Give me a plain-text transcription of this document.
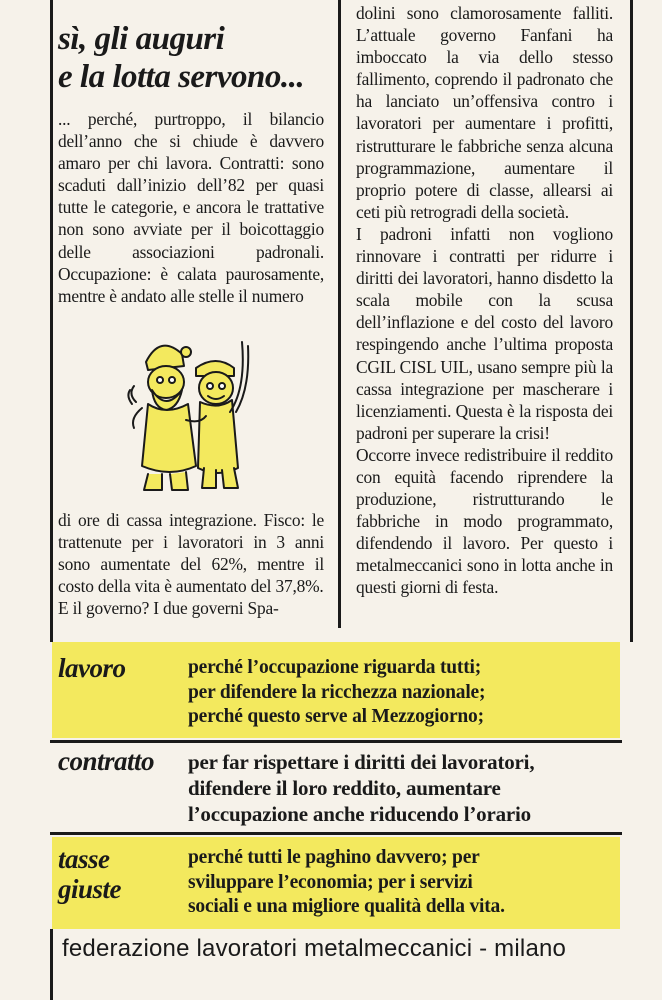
sì, gli auguri
e la lotta servono...

... perché, purtroppo, il bilancio dell’anno che si chiude è davvero amaro per chi lavora. Contratti: sono scaduti dall’inizio dell’82 per quasi tutte le categorie, e ancora le trattative non sono avviate per il boicottaggio delle associazioni padronali. Occupazione: è calata paurosamente, mentre è andato alle stelle il numero

di ore di cassa integrazione. Fisco: le trattenute per i lavoratori in 3 anni sono aumentate del 62%, mentre il costo della vita è aumentato del 37,8%.

E il governo? I due governi Spa-

dolini sono clamorosamente falliti. L’attuale governo Fanfani ha imboccato la via dello stesso fallimento, coprendo il padronato che ha lanciato un’offensiva contro i lavoratori per aumentare i profitti, ristrutturare le fabbriche senza alcuna programmazione, aumentare il proprio potere di classe, allearsi ai ceti più retrogradi della società.

I padroni infatti non vogliono rinnovare i contratti per ridurre i diritti dei lavoratori, hanno disdetto la scala mobile con la scusa dell’inflazione e del costo del lavoro respingendo anche l’ultima proposta CGIL CISL UIL, usano sempre più la cassa integrazione per mascherare i licenziamenti. Questa è la risposta dei padroni per superare la crisi!

Occorre invece redistribuire il reddito con equità facendo riprendere la produzione, ristrutturando le fabbriche in modo programmato, difendendo il lavoro. Per questo i metalmeccanici sono in lotta anche in questi giorni di festa.

lavoro	perché l’occupazione riguarda tutti;
per difendere la ricchezza nazionale;
perché questo serve al Mezzogiorno;
contratto	per far rispettare i diritti dei lavoratori,
difendere il loro reddito, aumentare
l’occupazione anche riducendo l’orario
tasse
giuste
perché tutti le paghino davvero; per
sviluppare l’economia; per i servizi
sociali e una migliore qualità della vita.
federazione lavoratori metalmeccanici - milano
